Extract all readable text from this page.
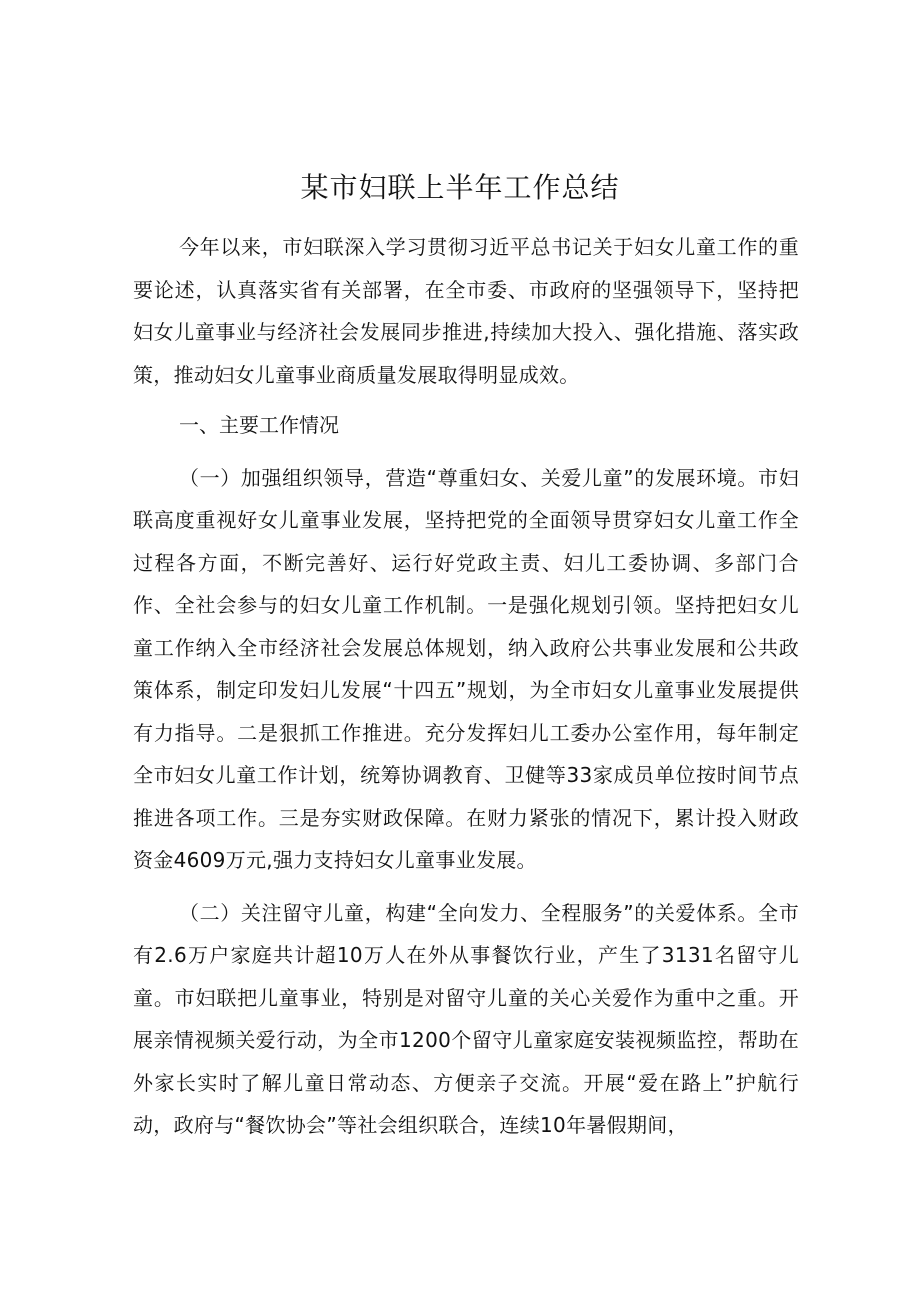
某市妇联上半年工作总结

今年以来，市妇联深入学习贯彻习近平总书记关于妇女儿童工作的重要论述，认真落实省有关部署，在全市委、市政府的坚强领导下，坚持把妇女儿童事业与经济社会发展同步推进,持续加大投入、强化措施、落实政策，推动妇女儿童事业商质量发展取得明显成效。

一、主要工作情况

（一）加强组织领导，营造“尊重妇女、关爱儿童”的发展环境。市妇联高度重视好女儿童事业发展，坚持把党的全面领导贯穿妇女儿童工作全过程各方面，不断完善好、运行好党政主责、妇儿工委协调、多部门合作、全社会参与的妇女儿童工作机制。一是强化规划引领。坚持把妇女儿童工作纳入全市经济社会发展总体规划，纳入政府公共事业发展和公共政策体系，制定印发妇儿发展“十四五”规划，为全市妇女儿童事业发展提供有力指导。二是狠抓工作推进。充分发挥妇儿工委办公室作用，每年制定全市妇女儿童工作计划，统筹协调教育、卫健等33家成员单位按时间节点推进各项工作。三是夯实财政保障。在财力紧张的情况下，累计投入财政资金4609万元,强力支持妇女儿童事业发展。

（二）关注留守儿童，构建“全向发力、全程服务”的关爱体系。全市有2.6万户家庭共计超10万人在外从事餐饮行业，产生了3131名留守儿童。市妇联把儿童事业，特别是对留守儿童的关心关爱作为重中之重。开展亲情视频关爱行动，为全市1200个留守儿童家庭安装视频监控，帮助在外家长实时了解儿童日常动态、方便亲子交流。开展“爱在路上”护航行动，政府与“餐饮协会”等社会组织联合，连续10年暑假期间，
